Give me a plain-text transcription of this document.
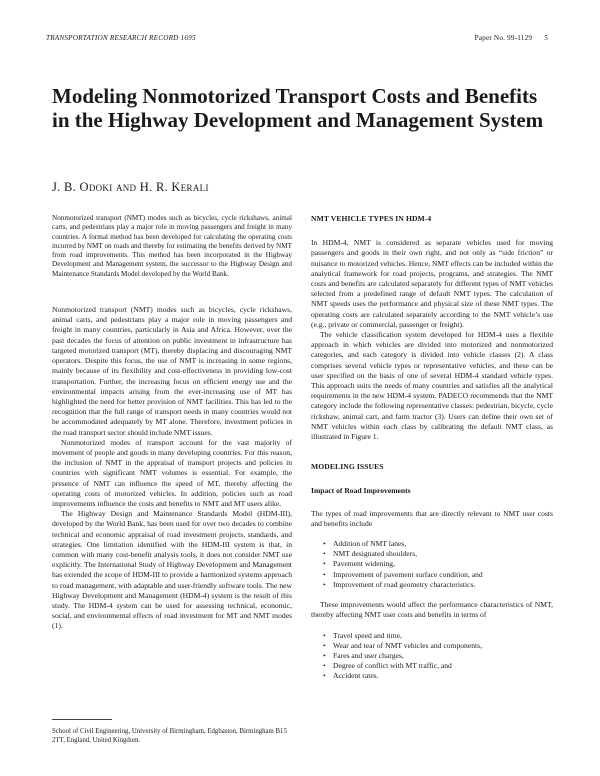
TRANSPORTATION RESEARCH RECORD 1695	Paper No. 99-1129 5
Modeling Nonmotorized Transport Costs and Benefits in the Highway Development and Management System
J. B. Odoki and H. R. Kerali

Nonmotorized transport (NMT) modes such as bicycles, cycle rickshaws, animal carts, and pedestrians play a major role in moving passengers and freight in many countries. A formal method has been developed for calculating the operating costs incurred by NMT on roads and thereby for estimating the benefits derived by NMT from road improvements. This method has been incorporated in the Highway Development and Management system, the successor to the Highway Design and Maintenance Standards Model developed by the World Bank.

Nonmotorized transport (NMT) modes such as bicycles, cycle rickshaws, animal carts, and pedestrians play a major role in moving passengers and freight in many countries, particularly in Asia and Africa. However, over the past decades the focus of attention on public investment in infrastructure has targeted motorized transport (MT), thereby displacing and discouraging NMT operators. Despite this focus, the use of NMT is increasing in some regions, mainly because of its flexibility and cost-effectiveness in providing low-cost transportation. Further, the increasing focus on efficient energy use and the environmental impacts arising from the ever-increasing use of MT has highlighted the need for better provision of NMT facilities. This has led to the recognition that the full range of transport needs in many countries would not be accommodated adequately by MT alone. Therefore, investment policies in the road transport sector should include NMT issues.

Nonmotorized modes of transport account for the vast majority of movement of people and goods in many developing countries. For this reason, the inclusion of NMT in the appraisal of transport projects and policies in countries with significant NMT volumes is essential. For example, the presence of NMT can influence the speed of MT, thereby affecting the operating costs of motorized vehicles. In addition, policies such as road improvements influence the costs and benefits to NMT and MT users alike.

The Highway Design and Maintenance Standards Model (HDM-III), developed by the World Bank, has been used for over two decades to combine technical and economic appraisal of road investment projects, standards, and strategies. One limitation identified with the HDM-III system is that, in common with many cost-benefit analysis tools, it does not consider NMT use explicitly. The International Study of Highway Development and Management has extended the scope of HDM-III to provide a harmonized systems approach to road management, with adaptable and user-friendly software tools. The new Highway Development and Management (HDM-4) system is the result of this study. The HDM-4 system can be used for assessing technical, economic, social, and environmental effects of road investment for MT and NMT modes (1).

School of Civil Engineering, University of Birmingham, Edgbaston, Birmingham B15 2TT, England, United Kingdom.
NMT VEHICLE TYPES IN HDM-4

In HDM-4, NMT is considered as separate vehicles used for moving passengers and goods in their own right, and not only as “side friction” or nuisance to motorized vehicles. Hence, NMT effects can be included within the analytical framework for road projects, programs, and strategies. The NMT costs and benefits are calculated separately for different types of NMT vehicles selected from a predefined range of default NMT types. The calculation of NMT speeds uses the performance and physical size of these NMT types. The operating costs are calculated separately according to the NMT vehicle’s use (e.g., private or commercial, passenger or freight).

The vehicle classification system developed for HDM-4 uses a flexible approach in which vehicles are divided into motorized and nonmotorized categories, and each category is divided into vehicle classes (2). A class comprises several vehicle types or representative vehicles, and these can be user specified on the basis of one of several HDM-4 standard vehicle types. This approach suits the needs of many countries and satisfies all the analytical requirements in the new HDM-4 system. PADECO recommends that the NMT category include the following representative classes: pedestrian, bicycle, cycle rickshaw, animal cart, and farm tractor (3). Users can define their own set of NMT vehicles within each class by calibrating the default NMT class, as illustrated in Figure 1.

MODELING ISSUES
Impact of Road Improvements

The types of road improvements that are directly relevant to NMT user costs and benefits include

• Addition of NMT lanes,
• NMT designated shoulders,
• Pavement widening,
• Improvement of pavement surface condition, and
• Improvement of road geometry characteristics.

These improvements would affect the performance characteristics of NMT, thereby affecting NMT user costs and benefits in terms of

• Travel speed and time,
• Wear and tear of NMT vehicles and components,
• Fares and user charges,
• Degree of conflict with MT traffic, and
• Accident rates.
